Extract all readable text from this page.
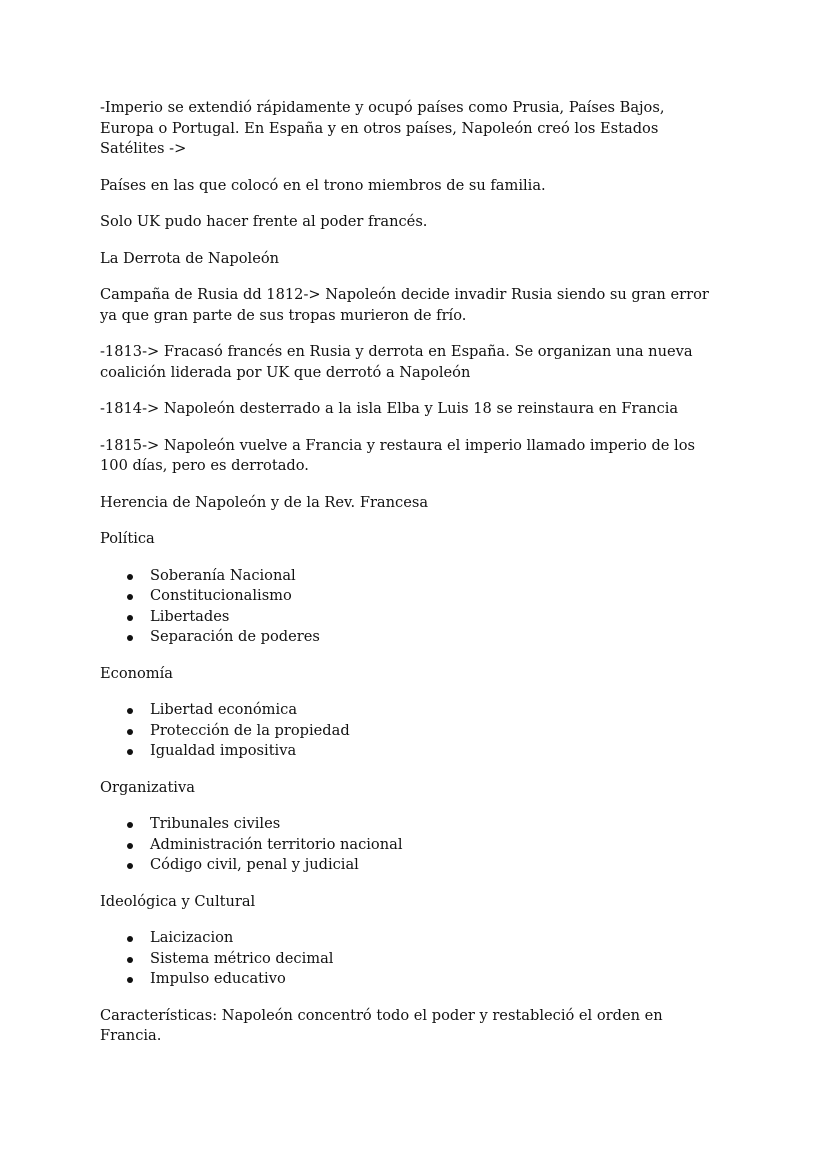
-Imperio se extendió rápidamente y ocupó países como Prusia, Países Bajos, Europa o Portugal. En España y en otros países, Napoleón creó los Estados Satélites ->

Países en las que colocó en el trono miembros de su familia.

Solo UK pudo hacer frente al poder francés.

La Derrota de Napoleón

Campaña de Rusia dd 1812-> Napoleón decide invadir Rusia siendo su gran error ya que gran parte de sus tropas murieron de frío.

-1813-> Fracasó francés en Rusia y derrota en España. Se organizan una nueva coalición liderada por UK que derrotó a Napoleón

-1814-> Napoleón desterrado a la isla Elba y Luis 18 se reinstaura en Francia

-1815-> Napoleón vuelve a Francia y restaura el imperio llamado imperio de los 100 días, pero es derrotado.

Herencia de Napoleón y de la Rev. Francesa

Política

Soberanía Nacional
Constitucionalismo
Libertades
Separación de poderes

Economía

Libertad económica
Protección de la propiedad
Igualdad impositiva

Organizativa

Tribunales civiles
Administración territorio nacional
Código civil, penal y judicial

Ideológica y Cultural

Laicizacion
Sistema métrico decimal
Impulso educativo

Características: Napoleón concentró todo el poder y restableció el orden en Francia.
